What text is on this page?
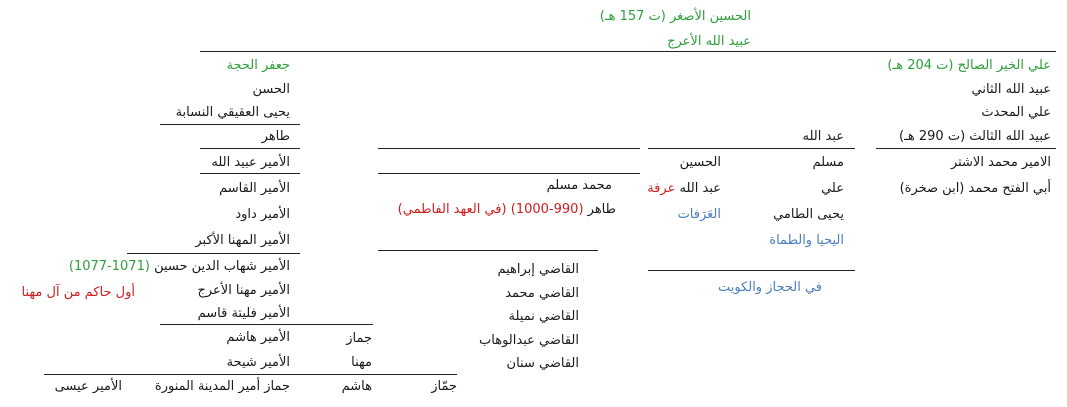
الحسين الأصغر (ت 157 هـ)
عبيد الله الأعرج
علي الخير الصالح (ت 204 هـ)
عبيد الله الثاني
علي المحدث
عبيد الله الثالث (ت 290 هـ)
الامير محمد الاشتر
أبي الفتح محمد (ابن صخرة)
عبد الله
مسلم
علي
يحيى الطامي
اليحيا والطماة
في الحجاز والكويت
الحسين
عبد الله عرفة
العَرَفات
محمد مسلم
طاهر (990-1000) (في العهد الفاطمي)
القاضي إبراهيم
القاضي محمد
القاضي نميلة
القاضي عبدالوهاب
القاضي سنان
جعفر الحجة
الحسن
يحيى العقيقي النسابة
طاهر
الأمير عبيد الله
الأمير القاسم
الأمير داود
الأمير المهنا الأكبر
الأمير شهاب الدين حسين (1071-1077)
أول حاكم من آل مهنا	الأمير مهنا الأعرج
الأمير فليتة قاسم
الأمير هاشم
الأمير شيحة
جماز أمير المدينة المنورة
جماز
مهنا
هاشم	جمّاز
الأمير عيسى
